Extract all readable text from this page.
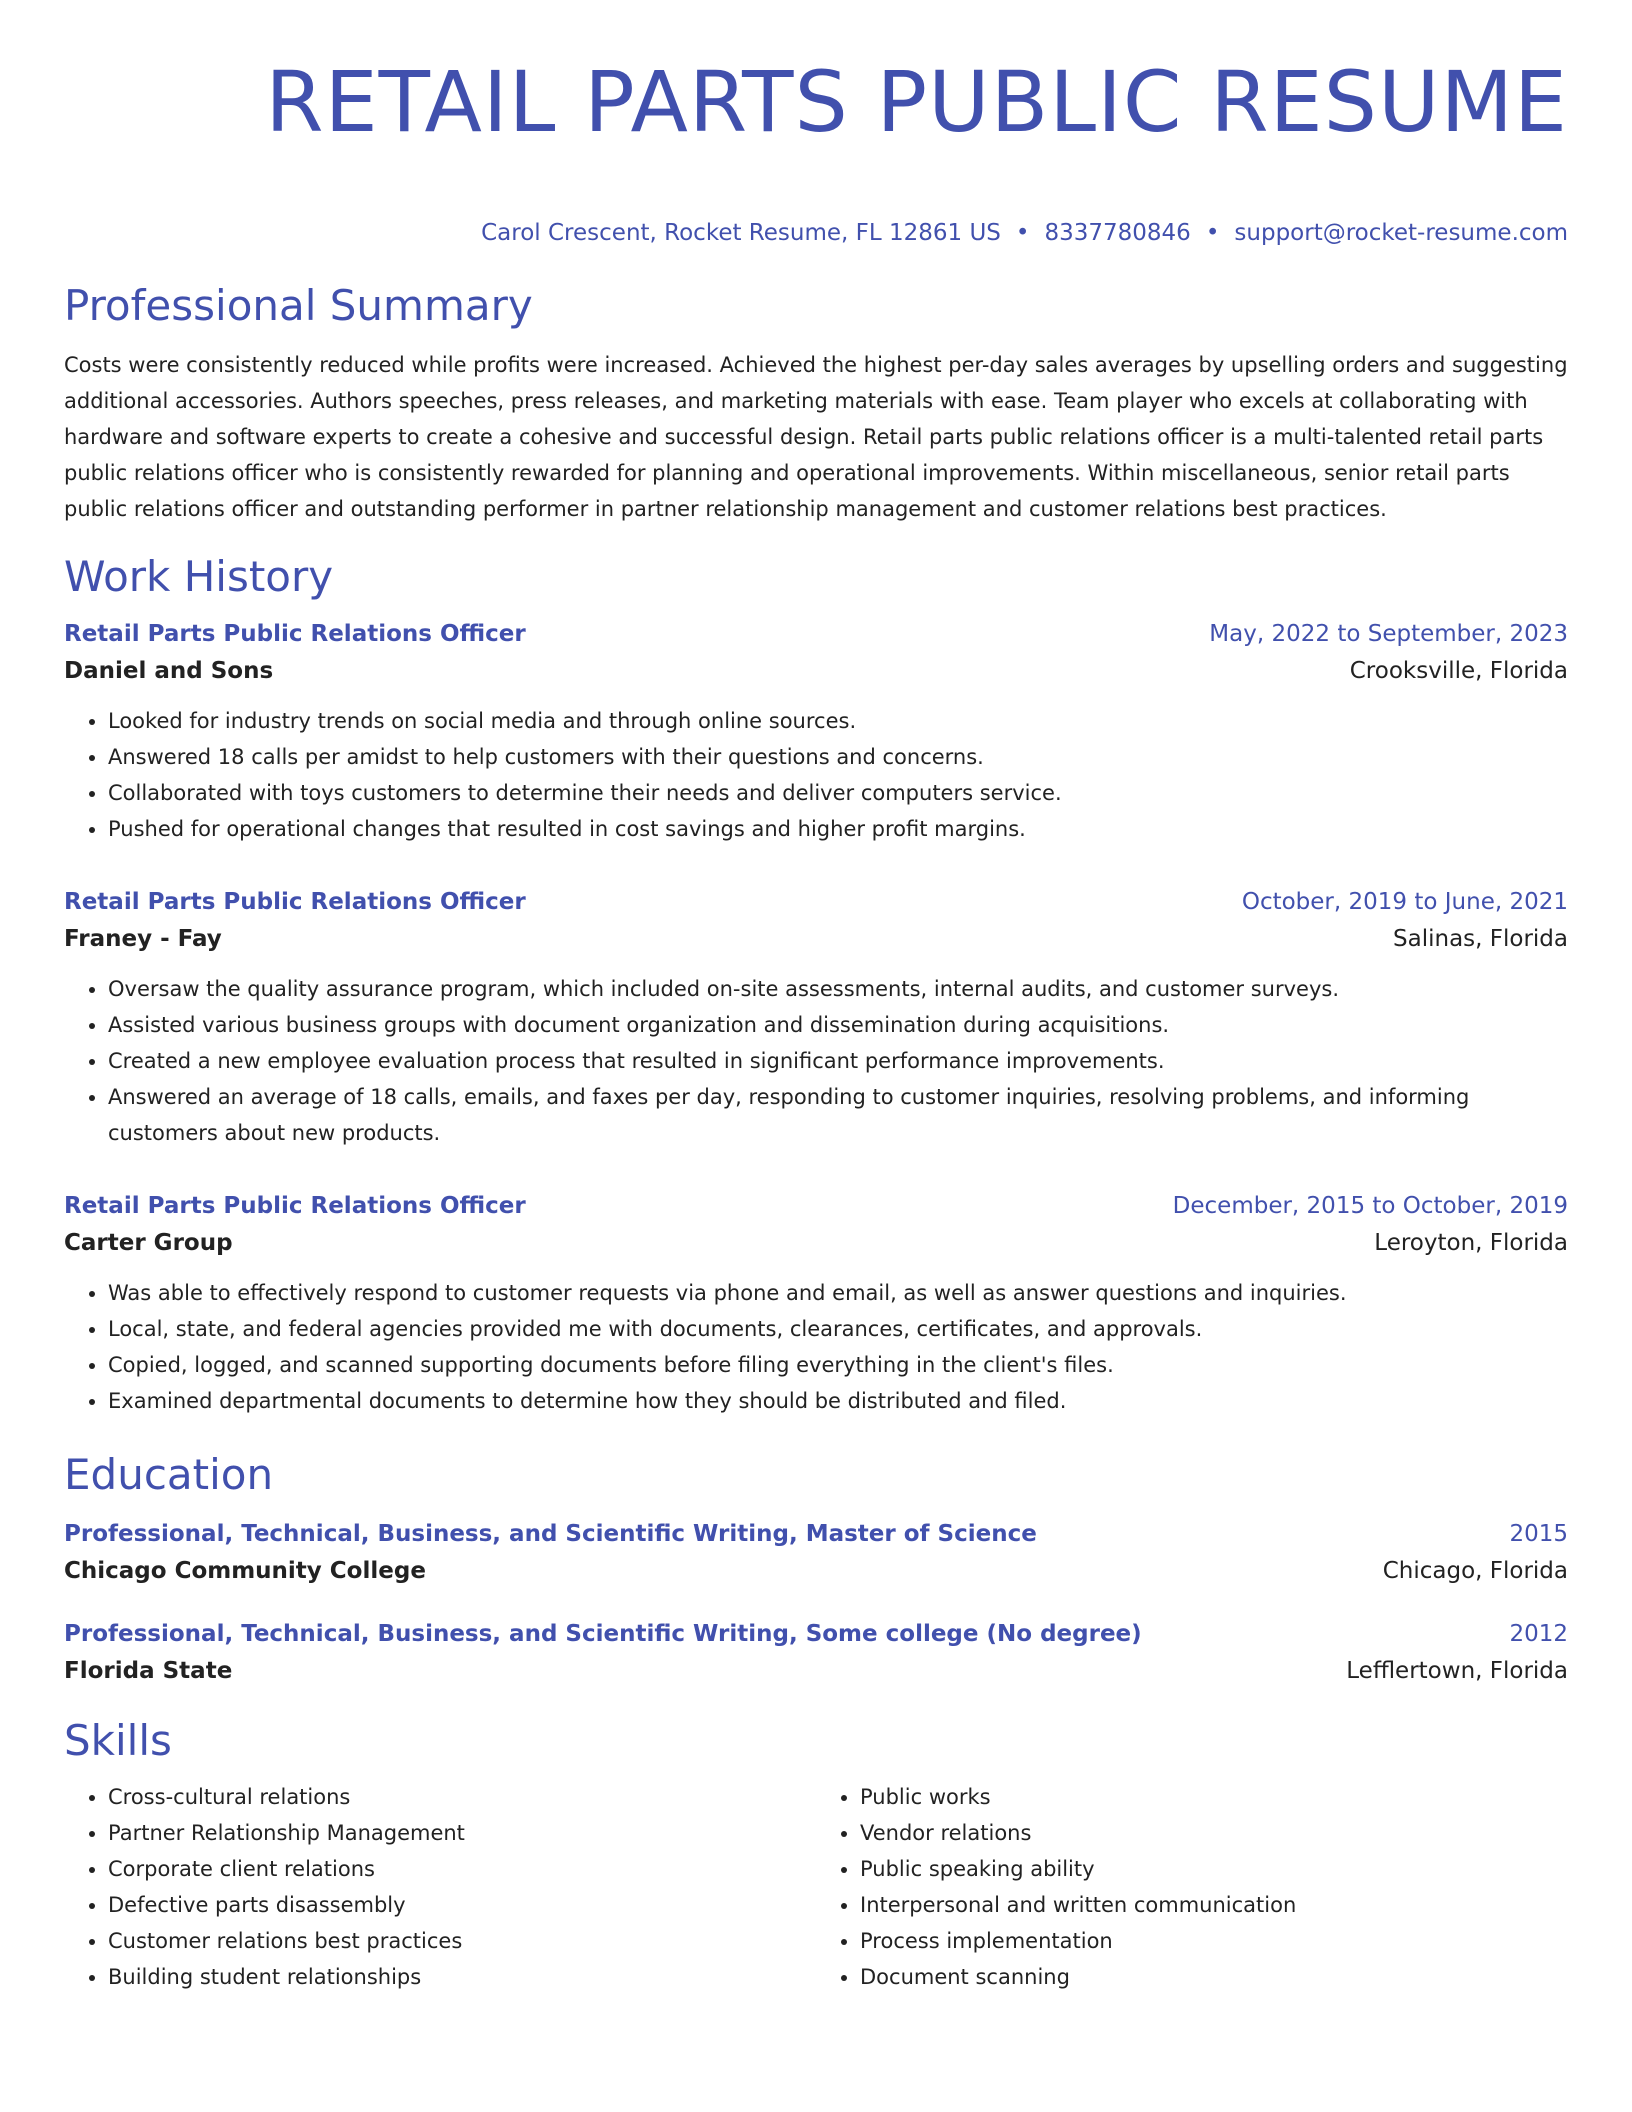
RETAIL PARTS PUBLIC RESUME
Carol Crescent, Rocket Resume, FL 12861 US • 8337780846 • support@rocket-resume.com
Professional Summary
Costs were consistently reduced while profits were increased. Achieved the highest per-day sales averages by upselling orders and suggesting additional accessories. Authors speeches, press releases, and marketing materials with ease. Team player who excels at collaborating with hardware and software experts to create a cohesive and successful design. Retail parts public relations officer is a multi-talented retail parts public relations officer who is consistently rewarded for planning and operational improvements. Within miscellaneous, senior retail parts public relations officer and outstanding performer in partner relationship management and customer relations best practices.
Work History
Retail Parts Public Relations Officer	May, 2022 to September, 2023
Daniel and Sons	Crooksville, Florida
• Looked for industry trends on social media and through online sources.
• Answered 18 calls per amidst to help customers with their questions and concerns.
• Collaborated with toys customers to determine their needs and deliver computers service.
• Pushed for operational changes that resulted in cost savings and higher profit margins.
Retail Parts Public Relations Officer	October, 2019 to June, 2021
Franey - Fay	Salinas, Florida
• Oversaw the quality assurance program, which included on-site assessments, internal audits, and customer surveys.
• Assisted various business groups with document organization and dissemination during acquisitions.
• Created a new employee evaluation process that resulted in significant performance improvements.
• Answered an average of 18 calls, emails, and faxes per day, responding to customer inquiries, resolving problems, and informing customers about new products.
Retail Parts Public Relations Officer	December, 2015 to October, 2019
Carter Group	Leroyton, Florida
• Was able to effectively respond to customer requests via phone and email, as well as answer questions and inquiries.
• Local, state, and federal agencies provided me with documents, clearances, certificates, and approvals.
• Copied, logged, and scanned supporting documents before filing everything in the client's files.
• Examined departmental documents to determine how they should be distributed and filed.
Education
Professional, Technical, Business, and Scientific Writing, Master of Science	2015
Chicago Community College	Chicago, Florida
Professional, Technical, Business, and Scientific Writing, Some college (No degree)	2012
Florida State	Lefflertown, Florida
Skills
• Cross-cultural relations
• Partner Relationship Management
• Corporate client relations
• Defective parts disassembly
• Customer relations best practices
• Building student relationships
• Public works
• Vendor relations
• Public speaking ability
• Interpersonal and written communication
• Process implementation
• Document scanning
